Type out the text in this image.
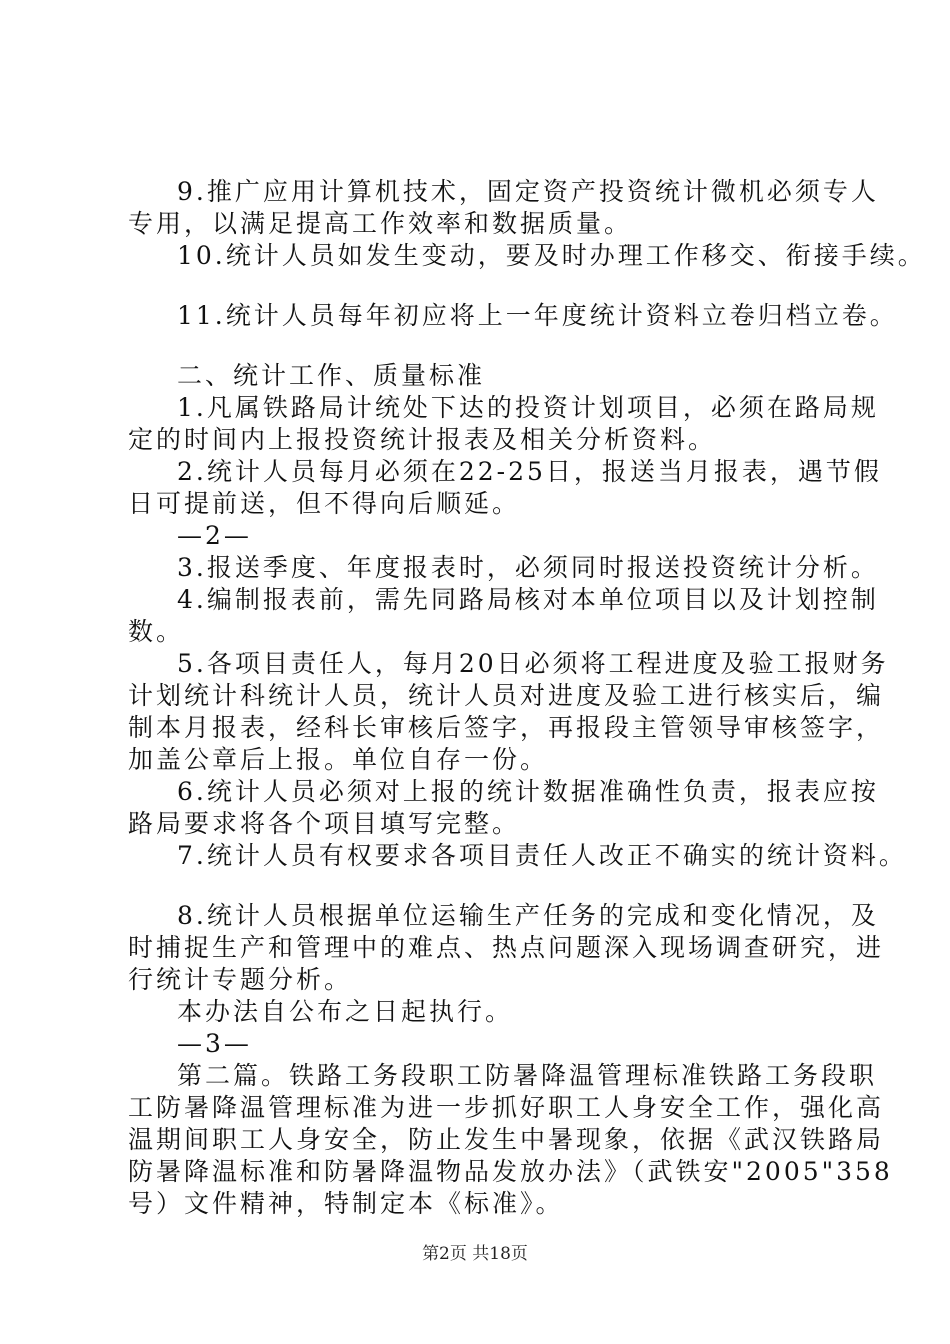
9.推广应用计算机技术，固定资产投资统计微机必须专人
专用，以满足提高工作效率和数据质量。
10.统计人员如发生变动，要及时办理工作移交、衔接手续。
11.统计人员每年初应将上一年度统计资料立卷归档立卷。
二、统计工作、质量标准
1.凡属铁路局计统处下达的投资计划项目，必须在路局规
定的时间内上报投资统计报表及相关分析资料。
2.统计人员每月必须在22-25日，报送当月报表，遇节假
日可提前送，但不得向后顺延。
—2—
3.报送季度、年度报表时，必须同时报送投资统计分析。
4.编制报表前，需先同路局核对本单位项目以及计划控制
数。
5.各项目责任人，每月20日必须将工程进度及验工报财务
计划统计科统计人员，统计人员对进度及验工进行核实后，编
制本月报表，经科长审核后签字，再报段主管领导审核签字，
加盖公章后上报。单位自存一份。
6.统计人员必须对上报的统计数据准确性负责，报表应按
路局要求将各个项目填写完整。
7.统计人员有权要求各项目责任人改正不确实的统计资料。
8.统计人员根据单位运输生产任务的完成和变化情况，及
时捕捉生产和管理中的难点、热点问题深入现场调查研究，进
行统计专题分析。
本办法自公布之日起执行。
—3—
第二篇。铁路工务段职工防暑降温管理标准铁路工务段职
工防暑降温管理标准为进一步抓好职工人身安全工作，强化高
温期间职工人身安全，防止发生中暑现象，依据《武汉铁路局
防暑降温标准和防暑降温物品发放办法》（武铁安"2005"358
号）文件精神，特制定本《标准》。
第2页 共18页
